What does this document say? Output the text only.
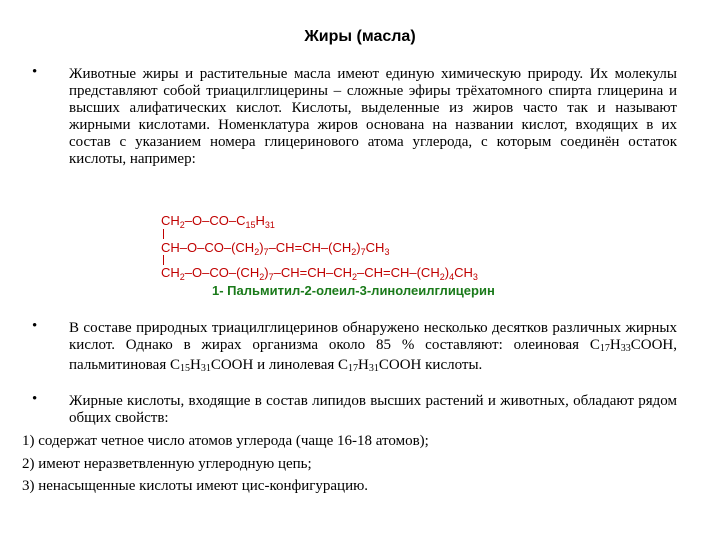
Жиры (масла)
• Животные жиры и растительные масла имеют единую химическую природу. Их молекулы представляют собой триацилглицерины – сложные эфиры трёхатомного спирта глицерина и высших алифатических кислот. Кислоты, выделенные из жиров часто так и называют жирными кислотами. Номенклатура жиров основана на названии кислот, входящих в их состав с указанием номера глицеринового атома углерода, с которым соединён остаток кислоты, например:
$CH_2-O-CO-C_{15}H_{31}$
$CH-O-CO-(CH_2)_7-CH=CH-(CH_2)_7CH_3$
$CH_2-O-CO-(CH_2)_7-CH=CH-CH_2-CH=CH-(CH_2)_4CH_3$
1- Пальмитил-2-олеил-3-линолеилглицерин
• В составе природных триацилглицеринов обнаружено несколько десятков различных жирных кислот. Однако в жирах организма около 85 % составляют: олеиновая $C_{17}H_{33}COOH$, пальмитиновая $C_{15}H_{31}COOH$ и линолевая $C_{17}H_{31}COOH$ кислоты.
• Жирные кислоты, входящие в состав липидов высших растений и животных, обладают рядом общих свойств:
1) содержат четное число атомов углерода (чаще 16-18 атомов);
2) имеют неразветвленную углеродную цепь;
3) ненасыщенные кислоты имеют цис-конфигурацию.
